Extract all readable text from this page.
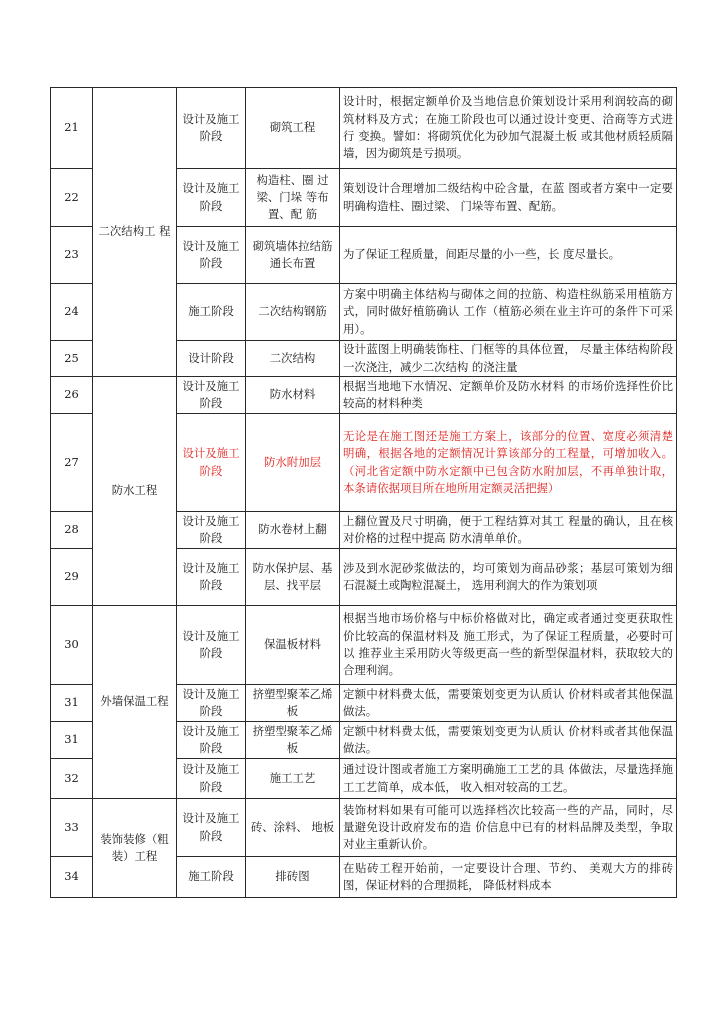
21	二次结构工 程	设计及施工 阶段	砌筑工程	设计时，根据定额单价及当地信息价策划设计采用利润较高的砌筑材料及方式；在施工阶段也可以通过设计变更、洽商等方式进行 变换。譬如：将砌筑优化为砂加气混凝土板 或其他材质轻质隔墙，因为砌筑是亏损项。
22		设计及施工 阶段	构造柱、圈 过梁、门垛 等布置、配 筋	策划设计合理增加二级结构中砼含量，在蓝 图或者方案中一定要明确构造柱、圈过梁、 门垛等布置、配筋。
23		设计及施工阶段	砌筑墙体拉结筋通长布置	为了保证工程质量，间距尽量的小一些，长 度尽量长。
24		施工阶段	二次结构钢筋	方案中明确主体结构与砌体之间的拉筋、构造柱纵筋采用植筋方式，同时做好植筋确认 工作（植筋必须在业主许可的条件下可采用）。
25		设计阶段	二次结构	设计蓝图上明确装饰柱、门框等的具体位置， 尽量主体结构阶段一次浇注，减少二次结构 的浇注量
26	防水工程	设计及施工 阶段	防水材料	根据当地地下水情况、定额单价及防水材料 的市场价选择性价比较高的材料种类
27		设计及施工 阶段	防水附加层	无论是在施工图还是施工方案上，该部分的位置、宽度必须清楚明确，根据各地的定额情况计算该部分的工程量，可增加收入。（河北省定额中防水定额中已包含防水附加层，不再单独计取，本条请依据项目所在地所用定额灵活把握）
28		设计及施工 阶段	防水卷材上翻	上翻位置及尺寸明确，便于工程结算对其工 程量的确认，且在核对价格的过程中提高 防水清单单价。
29		设计及施工阶段	防水保护层、基层、找平层	涉及到水泥砂浆做法的，均可策划为商品砂浆；基层可策划为细石混凝土或陶粒混凝土， 选用利润大的作为策划项
30	外墙保温工程	设计及施工 阶段	保温板材料	根据当地市场价格与中标价格做对比，确定或者通过变更获取性价比较高的保温材料及 施工形式，为了保证工程质量，必要时可以 推荐业主采用防火等级更高一些的新型保温材料，获取较大的合理利润。
31		设计及施工 阶段	挤塑型聚苯乙烯板	定额中材料费太低，需要策划变更为认质认 价材料或者其他保温做法。
31		设计及施工 阶段	挤塑型聚苯乙烯板	定额中材料费太低，需要策划变更为认质认 价材料或者其他保温做法。
32		设计及施工 阶段	施工工艺	通过设计图或者施工方案明确施工工艺的具 体做法，尽量选择施工工艺简单，成本低， 收入相对较高的工艺。
33	装饰装修（粗装）工程	设计及施工 阶段	砖、涂料、 地板	装饰材料如果有可能可以选择档次比较高一些的产品，同时，尽量避免设计政府发布的造 价信息中已有的材料品牌及类型，争取对业主重新认价。
34		施工阶段	排砖图	在贴砖工程开始前，一定要设计合理、节约、 美观大方的排砖图，保证材料的合理损耗， 降低材料成本
